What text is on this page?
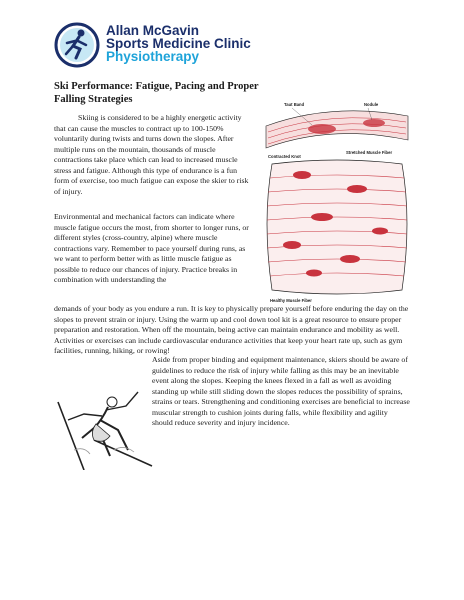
Allan McGavin
Sports Medicine Clinic
Physiotherapy
Ski Performance: Fatigue, Pacing and Proper Falling Strategies

Skiing is considered to be a highly energetic activity that can cause the muscles to contract up to 100-150% voluntarily during twists and turns down the slopes. After multiple runs on the mountain, thousands of muscle contractions take place which can lead to increased muscle stress and fatigue. Although this type of endurance is a fun form of exercise, too much fatigue can expose the skier to risk of injury.

Environmental and mechanical factors can indicate where muscle fatigue occurs the most, from shorter to longer runs, or different styles (cross-country, alpine) where muscle contractions vary. Remember to pace yourself during runs, as we want to perform better with as little muscle fatigue as possible to reduce our chances of injury. Practice breaks in combination with understanding the

demands of your body as you endure a run. It is key to physically prepare yourself before enduring the day on the slopes to prevent strain or injury. Using the warm up and cool down tool kit is a great resource to ensure proper preparation and restoration. When off the mountain, being active can maintain endurance and mobility as well. Activities or exercises can include cardiovascular endurance activities that keep your heart rate up, such as gym facilities, running, hiking, or rowing!

Aside from proper binding and equipment maintenance, skiers should be aware of guidelines to reduce the risk of injury while falling as this may be an inevitable event along the slopes. Keeping the knees flexed in a fall as well as avoiding standing up while still sliding down the slopes reduces the possibility of sprains, strains or tears. Strengthening and conditioning exercises are beneficial to increase muscular strength to cushion joints during falls, while flexibility and agility should reduce severity and injury incidence.

Taut Band	Nodule
Contracted Knot
Stretched Muscle Fiber
Healthy Muscle Fiber
